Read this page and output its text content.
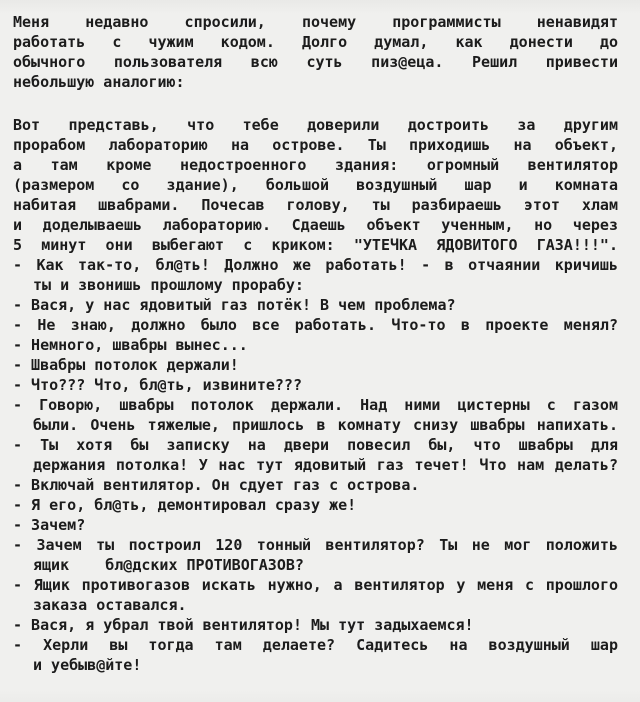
Меня недавно спросили, почему программисты ненавидят
работать с чужим кодом. Долго думал, как донести до
обычного пользователя всю суть пиз@еца. Решил привести
небольшую аналогию:
Вот представь, что тебе доверили достроить за другим
прорабом лабораторию на острове. Ты приходишь на объект,
а там кроме недостроенного здания: огромный вентилятор
(размером со здание), большой воздушный шар и комната
набитая швабрами. Почесав голову, ты разбираешь этот хлам
и доделываешь лабораторию. Сдаешь объект ученным, но через
5 минут они выбегают с криком: "УТЕЧКА ЯДОВИТОГО ГАЗА!!!".
- Как так-то, бл@ть! Должно же работать! - в отчаянии кричишь
ты и звонишь прошлому прорабу:
- Вася, у нас ядовитый газ потёк! В чем проблема?
- Не знаю, должно было все работать. Что-то в проекте менял?
- Немного, швабры вынес...
- Швабры потолок держали!
- Что??? Что, бл@ть, извините???
- Говорю, швабры потолок держали. Над ними цистерны с газом
были. Очень тяжелые, пришлось в комнату снизу швабры напихать.
- Ты хотя бы записку на двери повесил бы, что швабры для
держания потолка! У нас тут ядовитый газ течет! Что нам делать?
- Включай вентилятор. Он сдует газ с острова.
- Я его, бл@ть, демонтировал сразу же!
- Зачем?
- Зачем ты построил 120 тонный вентилятор? Ты не мог положить
ящик    бл@дских ПРОТИВОГАЗОВ?
- Ящик противогазов искать нужно, а вентилятор у меня с прошлого
заказа оставался.
- Вася, я убрал твой вентилятор! Мы тут задыхаемся!
- Херли вы тогда там делаете? Садитесь на воздушный шар
и уебыв@йте!
